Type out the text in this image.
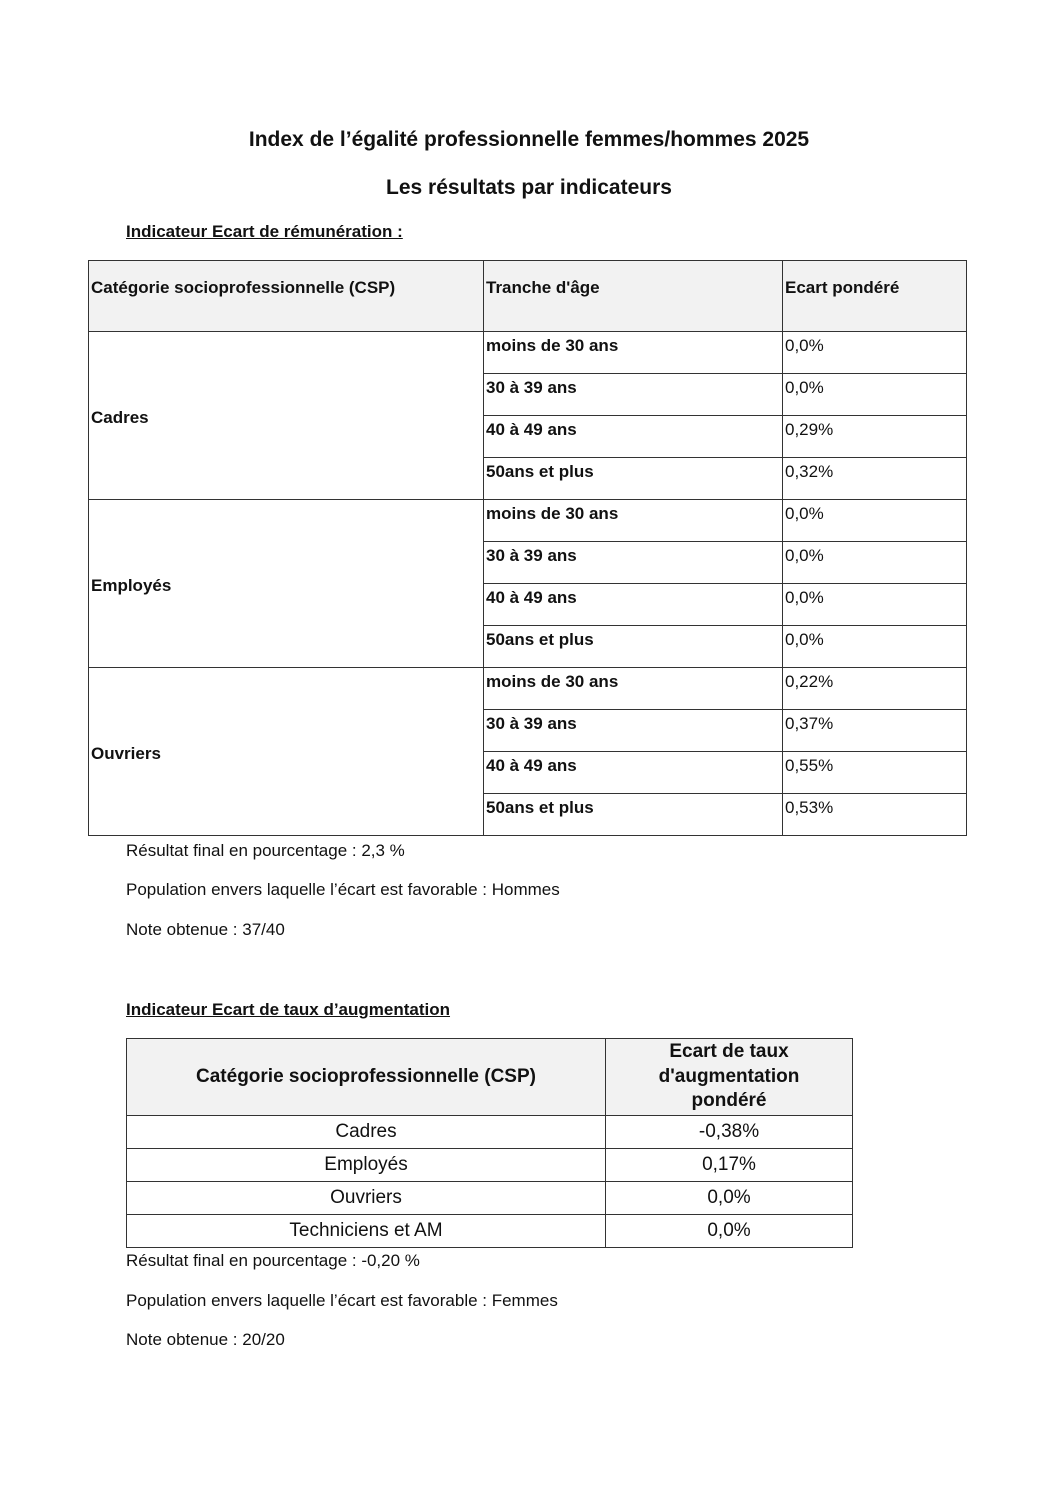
Index de l’égalité professionnelle femmes/hommes 2025
Les résultats par indicateurs
Indicateur Ecart de rémunération :
Catégorie socioprofessionnelle (CSP)	Tranche d'âge	Ecart pondéré
Cadres	moins de 30 ans	0,0%
	30 à 39 ans	0,0%
	40 à 49 ans	0,29%
	50ans et plus	0,32%
Employés	moins de 30 ans	0,0%
	30 à 39 ans	0,0%
	40 à 49 ans	0,0%
	50ans et plus	0,0%
Ouvriers	moins de 30 ans	0,22%
	30 à 39 ans	0,37%
	40 à 49 ans	0,55%
	50ans et plus	0,53%
Résultat final en pourcentage : 2,3 %
Population envers laquelle l’écart est favorable : Hommes
Note obtenue : 37/40
Indicateur Ecart de taux d’augmentation
Catégorie socioprofessionnelle (CSP)	Ecart de taux d'augmentation pondéré
Cadres	-0,38%
Employés	0,17%
Ouvriers	0,0%
Techniciens et AM	0,0%
Résultat final en pourcentage : -0,20 %
Population envers laquelle l’écart est favorable : Femmes
Note obtenue : 20/20
